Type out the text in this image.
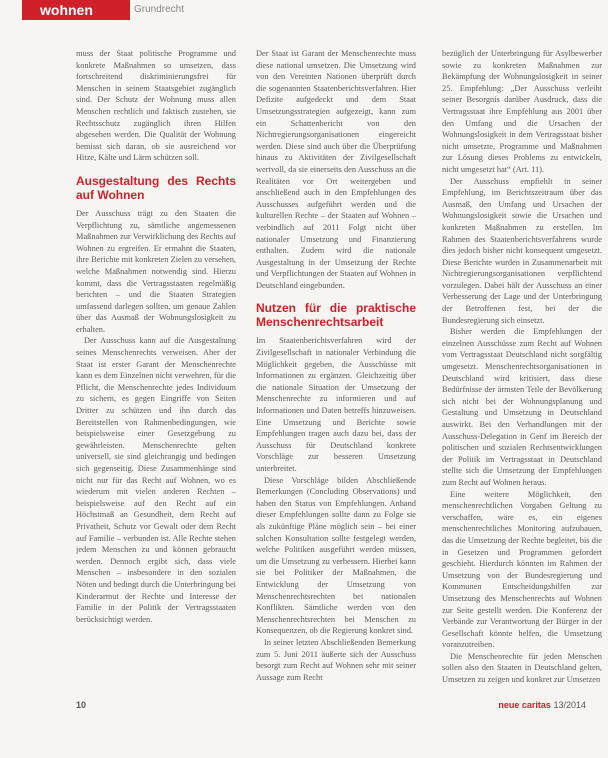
wohnen	Grundrecht

muss der Staat politische Programme und konkrete Maßnahmen so umsetzen, dass fortschreitend diskriminierungsfrei für Menschen in seinem Staatsgebiet zugänglich sind. Der Schutz der Wohnung muss allen Menschen rechtlich und faktisch zustehen, sie Rechtsschutz zugänglich ihren Hilfen abgesehen werden. Die Qualität der Wohnung bemisst sich daran, ob sie ausreichend vor Hitze, Kälte und Lärm schützen soll.

Ausgestaltung des Rechts auf Wohnen

Der Ausschuss trägt zu den Staaten die Verpflichtung zu, sämtliche angemessenen Maßnahmen zur Verwirklichung des Rechts auf Wohnen zu ergreifen. Er ermahnt die Staaten, ihre Berichte mit konkreten Zielen zu versehen, welche Maßnahmen notwendig sind. Hierzu kommt, dass die Vertragsstaaten regelmäßig berichten – und die Staaten Strategien umfassend darlegen sollten, um genaue Zahlen über das Ausmaß der Wohnungslosigkeit zu erhalten.

Der Ausschuss kann auf die Ausgestaltung seines Menschenrechts verweisen. Aber der Staat ist erster Garant der Menschenrechte kann es dem Einzelnen nicht verwehren, für die Pflicht, die Menschenrechte jedes Individuum zu sichern, es gegen Eingriffe von Seiten Dritter zu schützen und ihn durch das Bereitstellen von Rahmenbedingungen, wie beispielsweise einer Gesetzgebung zu gewährleisten. Menschenrechte gelten universell, sie sind gleichrangig und bedingen sich gegenseitig. Diese Zusammenhänge sind nicht nur für das Recht auf Wohnen, wo es wiederum mit vielen anderen Rechten – beispielsweise auf den Recht auf ein Höchstmaß an Gesundheit, dem Recht auf Privatheit, Schutz vor Gewalt oder dem Recht auf Familie – verbunden ist. Alle Rechte stehen jedem Menschen zu und können gebraucht werden. Dennoch ergibt sich, dass viele Menschen – insbesondere in den sozialen Nöten und bedingt durch die Unterbringung bei Kinderarmut der Rechte und Interesse der Familie in der Politik der Vertragsstaaten berücksichtigt werden.

Der Staat ist Garant der Menschenrechte muss diese national umsetzen. Die Umsetzung wird von den Vereinten Nationen überprüft durch die sogenannten Staatenberichtsverfahren. Hier Defizite aufgedeckt und dem Staat Umsetzungsstrategien aufgezeigt, kann zum ein Schattenbericht von den Nichtregierungsorganisationen eingereicht werden. Diese sind auch über die Überprüfung hinaus zu Aktivitäten der Zivilgesellschaft wertvoll, da sie einerseits den Ausschuss an die Realitäten vor Ort weitergeben und anschließend auch in den Empfehlungen des Ausschusses aufgeführt werden und die kulturellen Rechte – der Staaten auf Wohnen – verbindlich auf 2011 Folgt nicht über nationaler Umsetzung und Finanzierung enthalten. Zudem wird die nationale Ausgestaltung in der Umsetzung der Rechte und Verpflichtungen der Staaten auf Wohnen in Deutschland eingebunden.

Nutzen für die praktische Menschenrechtsarbeit

Im Staatenberichtsverfahren wird der Zivilgesellschaft in nationaler Verbindung die Möglichkeit gegeben, die Ausschüsse mit Informationen zu ergänzen. Gleichzeitig über die nationale Situation der Umsetzung der Menschenrechte zu informieren und auf Informationen und Daten betreffs hinzuweisen. Eine Umsetzung und Berichte sowie Empfehlungen tragen auch dazu bei, dass der Ausschuss für Deutschland konkrete Vorschläge zur besseren Umsetzung unterbreitet.

Diese Vorschläge bilden Abschließende Bemerkungen (Concluding Observations) und haben den Status von Empfehlungen. Anhand dieser Empfehlungen sollte dann zu Folge sie als zukünftige Pläne möglich sein – bei einer solchen Konsultation sollte festgelegt werden, welche Politiken ausgeführt werden müssen, um die Umsetzung zu verbessern. Hierbei kann sie bei Politiker der Maßnahmen, die Entwicklung der Umsetzung von Menschenrechtsrechten bei nationalen Konflikten. Sämtliche werden von den Menschenrechtsrechten bei Menschen zu Konsequenzen, ob die Regierung konkret sind.

In seiner letzten Abschließenden Bemerkung zum 5. Juni 2011 äußerte sich der Ausschuss besorgt zum Recht auf Wohnen sehr mit seiner Aussage zum Recht

bezüglich der Unterbringung für Asylbewerber sowie zu konkreten Maßnahmen zur Bekämpfung der Wohnungslosigkeit in seiner 25. Empfehlung: „Der Ausschuss verleiht seiner Besorgnis darüber Ausdruck, dass die Vertragsstaat ihre Empfehlung aus 2001 über den Umfang und die Ursachen der Wohnungslosigkeit in dem Vertragsstaat bisher nicht umsetzte, Programme und Maßnahmen zur Lösung dieses Problems zu entwickeln, nicht umgesetzt hat“ (Art. 11).

Der Ausschuss empfiehlt in seiner Empfehlung, im Berichtszeitraum über das Ausmaß, den Umfang und Ursachen der Wohnungslosigkeit sowie die Ursachen und konkreten Maßnahmen zu erstellen. Im Rahmen des Staatenberichtsverfahrens wurde dies jedoch bisher nicht konsequent umgesetzt. Diese Berichte wurden in Zusammenarbeit mit Nichtregierungsorganisationen verpflichtend vorzulegen. Dabei hält der Ausschuss an einer Verbesserung der Lage und der Unterbringung der Betroffenen fest, bei der die Bundesregierung sich einsetzt.

Bisher werden die Empfehlungen der einzelnen Ausschüsse zum Recht auf Wohnen vom Vertragsstaat Deutschland nicht sorgfältig umgesetzt. Menschenrechtsorganisationen in Deutschland wird kritisiert, dass diese Bedürfnisse der ärmsten Teile der Bevölkerung sich nicht bei der Wohnungsplanung und Gestaltung und Umsetzung in Deutschland auswirkt. Bei den Verhandlungen mit der Ausschuss-Delegation in Genf im Bereich der politischen und sozialen Rechtsentwicklungen der Politik im Vertragsstaat in Deutschland stellte sich die Umsetzung der Empfehlungen zum Recht auf Wohnen heraus.

Eine weitere Möglichkeit, den menschenrechtlichen Vorgaben Geltung zu verschaffen, wäre es, ein eigenes menschenrechtliches Monitoring aufzubauen, das die Umsetzung der Rechte begleitet, bis die in Gesetzen und Programmen gefordert geschieht. Hierdurch könnten im Rahmen der Umsetzung von der Bundesregierung und Kommunen Entscheidungshilfen zur Umsetzung des Menschenrechts auf Wohnen zur Seite gestellt werden. Die Konferenz der Verbände zur Verantwortung der Bürger in der Gesellschaft könnte helfen, die Umsetzung voranzutreiben.

Die Menschenrechte für jeden Menschen sollen also den Staaten in Deutschland gelten, Umsetzen zu zeigen und konkret zur Umsetzen

10	neue caritas 13/2014
